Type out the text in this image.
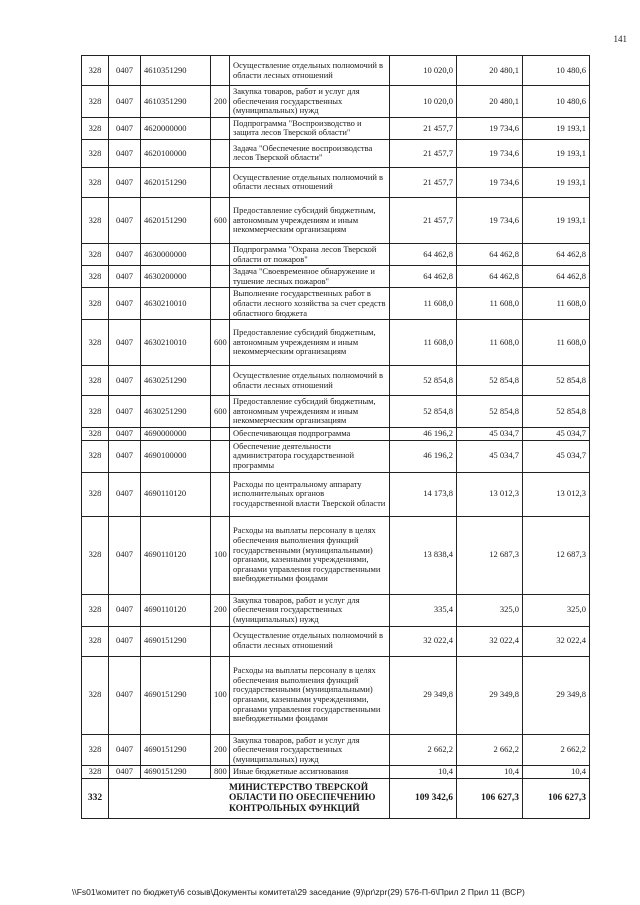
141
328	0407	4610351290		Осуществление отдельных полномочий в области лесных отношений	10 020,0	20 480,1	10 480,6
328	0407	4610351290	200	Закупка товаров, работ и услуг для обеспечения государственных (муниципальных) нужд	10 020,0	20 480,1	10 480,6
328	0407	4620000000		Подпрограмма "Воспроизводство и защита лесов Тверской области"	21 457,7	19 734,6	19 193,1
328	0407	4620100000		Задача "Обеспечение воспроизводства лесов Тверской области"	21 457,7	19 734,6	19 193,1
328	0407	4620151290		Осуществление отдельных полномочий в области лесных отношений	21 457,7	19 734,6	19 193,1
328	0407	4620151290	600	Предоставление субсидий бюджетным, автономным учреждениям и иным некоммерческим организациям	21 457,7	19 734,6	19 193,1
328	0407	4630000000		Подпрограмма "Охрана лесов Тверской области от пожаров"	64 462,8	64 462,8	64 462,8
328	0407	4630200000		Задача "Своевременное обнаружение и тушение лесных пожаров"	64 462,8	64 462,8	64 462,8
328	0407	4630210010		Выполнение государственных работ в области лесного хозяйства за счет средств областного бюджета	11 608,0	11 608,0	11 608,0
328	0407	4630210010	600	Предоставление субсидий бюджетным, автономным учреждениям и иным некоммерческим организациям	11 608,0	11 608,0	11 608,0
328	0407	4630251290		Осуществление отдельных полномочий в области лесных отношений	52 854,8	52 854,8	52 854,8
328	0407	4630251290	600	Предоставление субсидий бюджетным, автономным учреждениям и иным некоммерческим организациям	52 854,8	52 854,8	52 854,8
328	0407	4690000000		Обеспечивающая подпрограмма	46 196,2	45 034,7	45 034,7
328	0407	4690100000		Обеспечение деятельности администратора государственной программы	46 196,2	45 034,7	45 034,7
328	0407	4690110120		Расходы по центральному аппарату исполнительных органов государственной власти Тверской области	14 173,8	13 012,3	13 012,3
328	0407	4690110120	100	Расходы на выплаты персоналу в целях обеспечения выполнения функций государственными (муниципальными) органами, казенными учреждениями, органами управления государственными внебюджетными фондами	13 838,4	12 687,3	12 687,3
328	0407	4690110120	200	Закупка товаров, работ и услуг для обеспечения государственных (муниципальных) нужд	335,4	325,0	325,0
328	0407	4690151290		Осуществление отдельных полномочий в области лесных отношений	32 022,4	32 022,4	32 022,4
328	0407	4690151290	100	Расходы на выплаты персоналу в целях обеспечения выполнения функций государственными (муниципальными) органами, казенными учреждениями, органами управления государственными внебюджетными фондами	29 349,8	29 349,8	29 349,8
328	0407	4690151290	200	Закупка товаров, работ и услуг для обеспечения государственных (муниципальных) нужд	2 662,2	2 662,2	2 662,2
328	0407	4690151290	800	Иные бюджетные ассигнования	10,4	10,4	10,4
332	МИНИСТЕРСТВО ТВЕРСКОЙ ОБЛАСТИ ПО ОБЕСПЕЧЕНИЮ КОНТРОЛЬНЫХ ФУНКЦИЙ				109 342,6	106 627,3	106 627,3
\\Fs01\комитет по бюджету\6 созыв\Документы комитета\29 заседание (9)\pr\zpr(29) 576-П-6\Прил 2 Прил 11 (ВСР)
